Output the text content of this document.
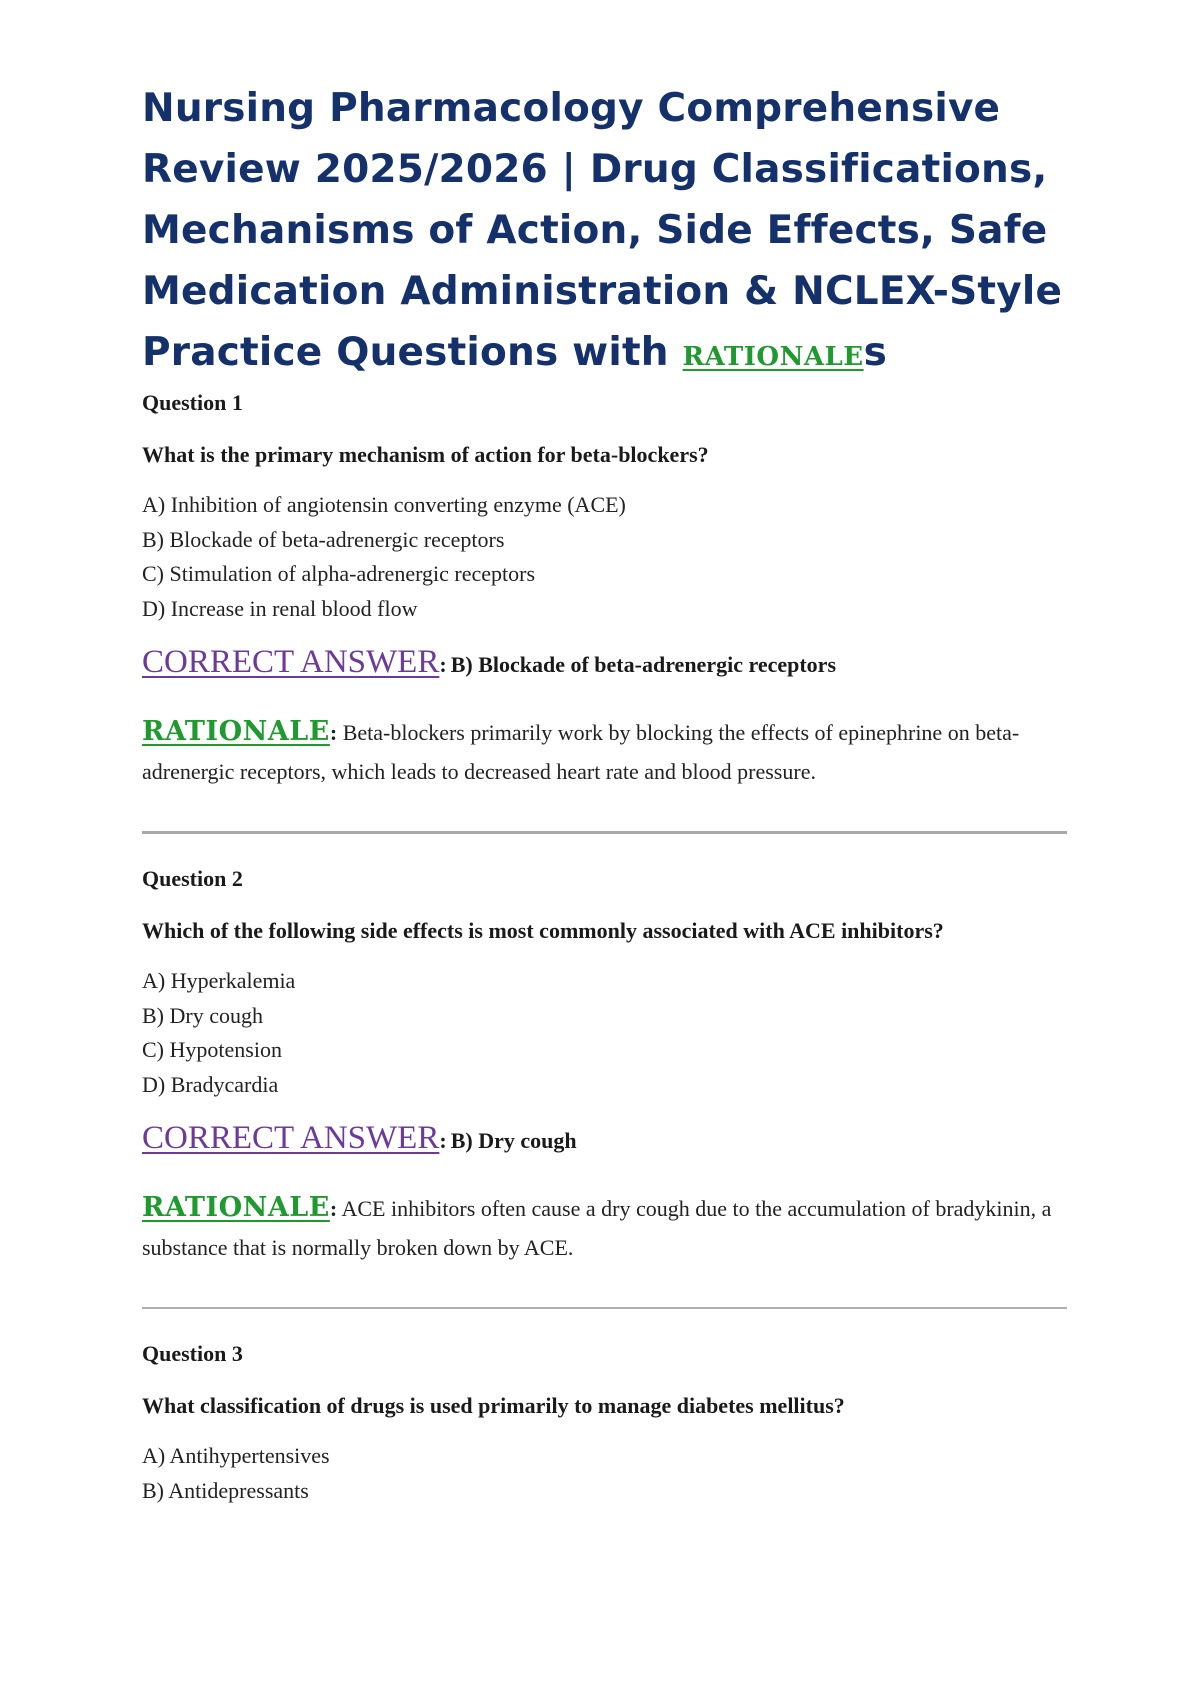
Nursing Pharmacology Comprehensive Review 2025/2026 | Drug Classifications, Mechanisms of Action, Side Effects, Safe Medication Administration & NCLEX-Style Practice Questions with RATIONALEs

Question 1

What is the primary mechanism of action for beta-blockers?

A) Inhibition of angiotensin converting enzyme (ACE)
B) Blockade of beta-adrenergic receptors
C) Stimulation of alpha-adrenergic receptors
D) Increase in renal blood flow

CORRECT ANSWER: B) Blockade of beta-adrenergic receptors

RATIONALE: Beta-blockers primarily work by blocking the effects of epinephrine on beta-adrenergic receptors, which leads to decreased heart rate and blood pressure.

Question 2

Which of the following side effects is most commonly associated with ACE inhibitors?

A) Hyperkalemia
B) Dry cough
C) Hypotension
D) Bradycardia

CORRECT ANSWER: B) Dry cough

RATIONALE: ACE inhibitors often cause a dry cough due to the accumulation of bradykinin, a substance that is normally broken down by ACE.

Question 3

What classification of drugs is used primarily to manage diabetes mellitus?

A) Antihypertensives
B) Antidepressants
